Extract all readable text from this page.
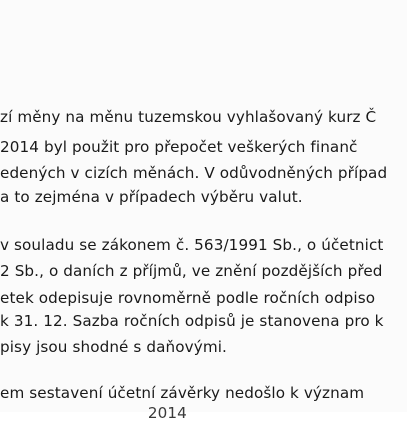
zí měny na měnu tuzemskou vyhlašovaný kurz Č
2014 byl použit pro přepočet veškerých finanč
edených v cizích měnách. V odůvodněných případ
a to zejména v případech výběru valut.
v souladu se zákonem č. 563/1991 Sb., o účetnict
2 Sb., o daních z příjmů, ve znění pozdějších před
etek odepisuje rovnoměrně podle ročních odpiso
k 31. 12. Sazba ročních odpisů je stanovena pro k
pisy jsou shodné s daňovými.
em sestavení účetní závěrky nedošlo k význam
2014
